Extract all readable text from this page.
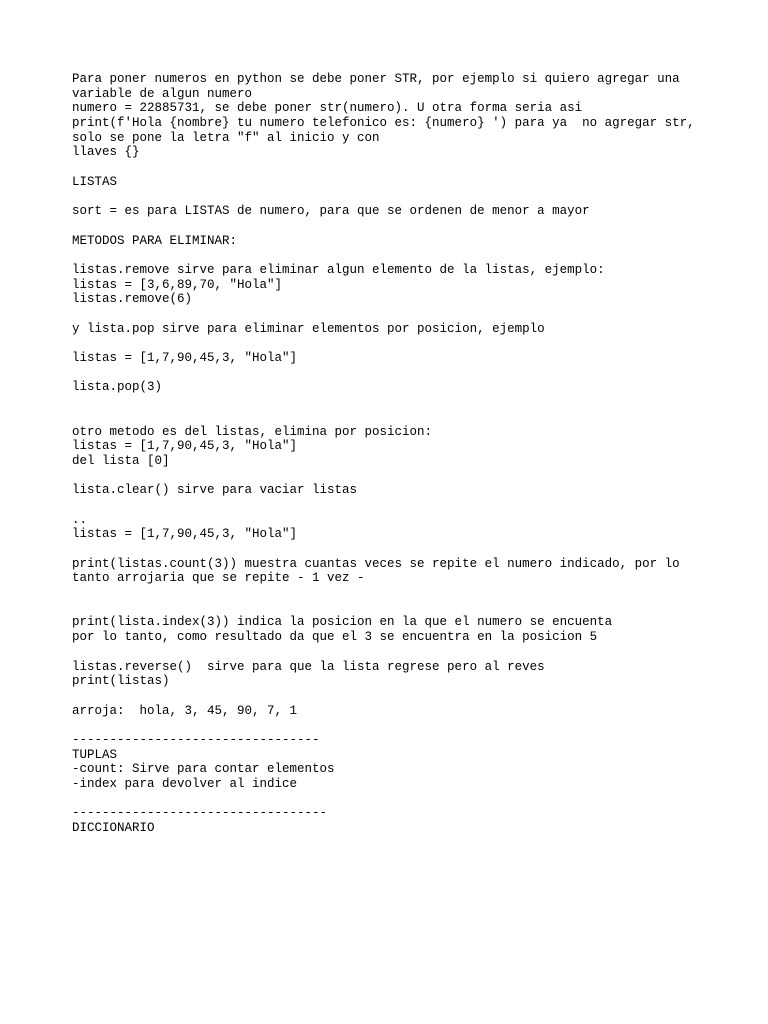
Para poner numeros en python se debe poner STR, por ejemplo si quiero agregar una
variable de algun numero
numero = 22885731, se debe poner str(numero). U otra forma seria asi
print(f'Hola {nombre} tu numero telefonico es: {numero} ') para ya  no agregar str,
solo se pone la letra "f" al inicio y con
llaves {}

LISTAS

sort = es para LISTAS de numero, para que se ordenen de menor a mayor

METODOS PARA ELIMINAR:

listas.remove sirve para eliminar algun elemento de la listas, ejemplo:
listas = [3,6,89,70, "Hola"]
listas.remove(6)

y lista.pop sirve para eliminar elementos por posicion, ejemplo

listas = [1,7,90,45,3, "Hola"]

lista.pop(3)

otro metodo es del listas, elimina por posicion:
listas = [1,7,90,45,3, "Hola"]
del lista [0]

lista.clear() sirve para vaciar listas

..
listas = [1,7,90,45,3, "Hola"]

print(listas.count(3)) muestra cuantas veces se repite el numero indicado, por lo
tanto arrojaria que se repite - 1 vez -

print(lista.index(3)) indica la posicion en la que el numero se encuenta
por lo tanto, como resultado da que el 3 se encuentra en la posicion 5

listas.reverse()  sirve para que la lista regrese pero al reves
print(listas)

arroja:  hola, 3, 45, 90, 7, 1

---------------------------------
TUPLAS
-count: Sirve para contar elementos
-index para devolver al indice

----------------------------------
DICCIONARIO
